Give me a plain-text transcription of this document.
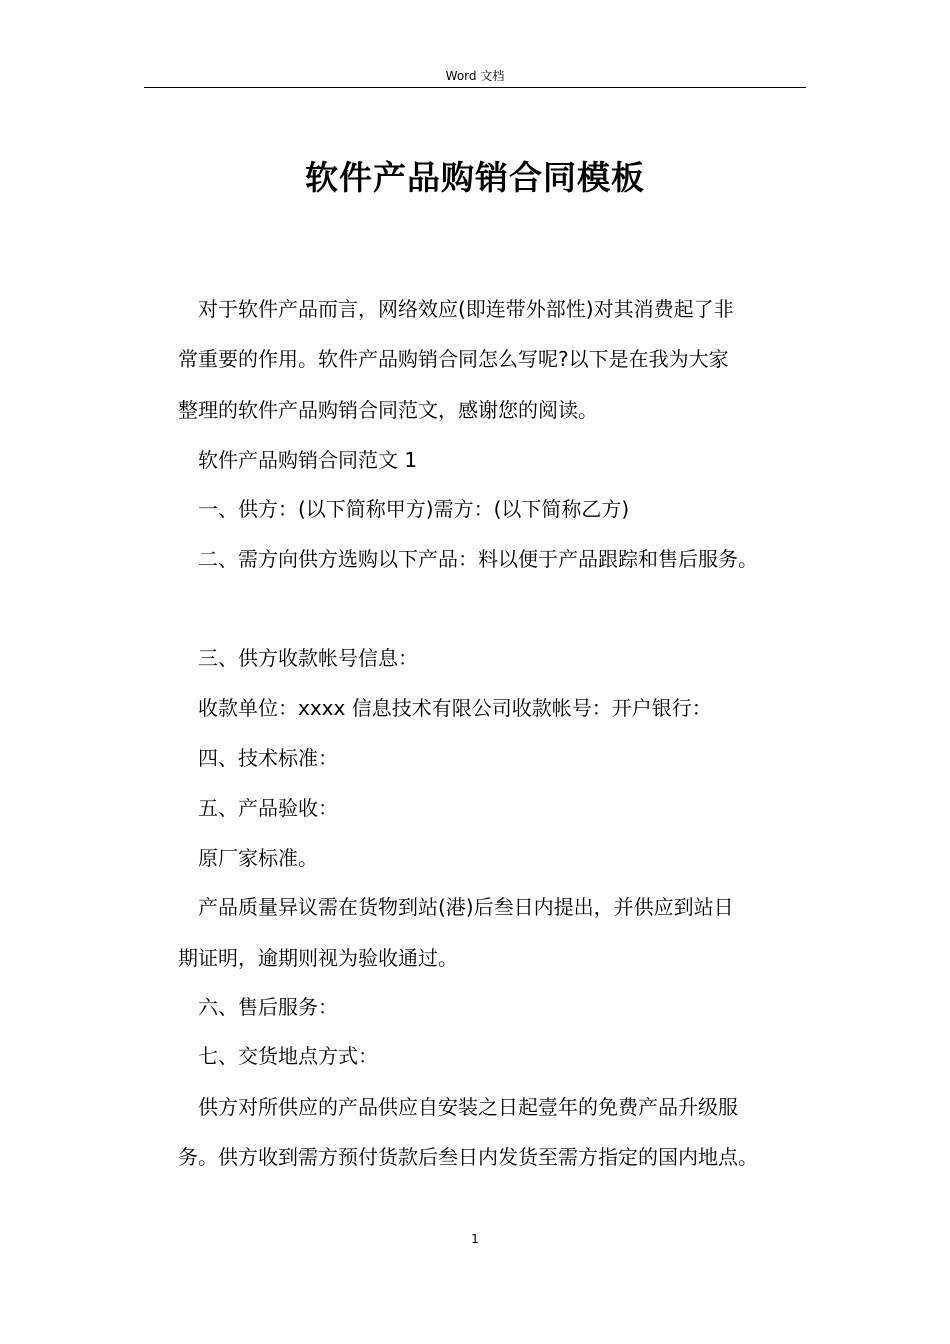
Word 文档
软件产品购销合同模板
对于软件产品而言，网络效应(即连带外部性)对其消费起了非
常重要的作用。软件产品购销合同怎么写呢?以下是在我为大家
整理的软件产品购销合同范文，感谢您的阅读。
软件产品购销合同范文 1
一、供方：(以下简称甲方)需方：(以下简称乙方)
二、需方向供方选购以下产品：料以便于产品跟踪和售后服务。
三、供方收款帐号信息：
收款单位：xxxx 信息技术有限公司收款帐号：开户银行：
四、技术标准：
五、产品验收：
原厂家标准。
产品质量异议需在货物到站(港)后叁日内提出，并供应到站日
期证明，逾期则视为验收通过。
六、售后服务：
七、交货地点方式：
供方对所供应的产品供应自安装之日起壹年的免费产品升级服
务。供方收到需方预付货款后叁日内发货至需方指定的国内地点。
1
